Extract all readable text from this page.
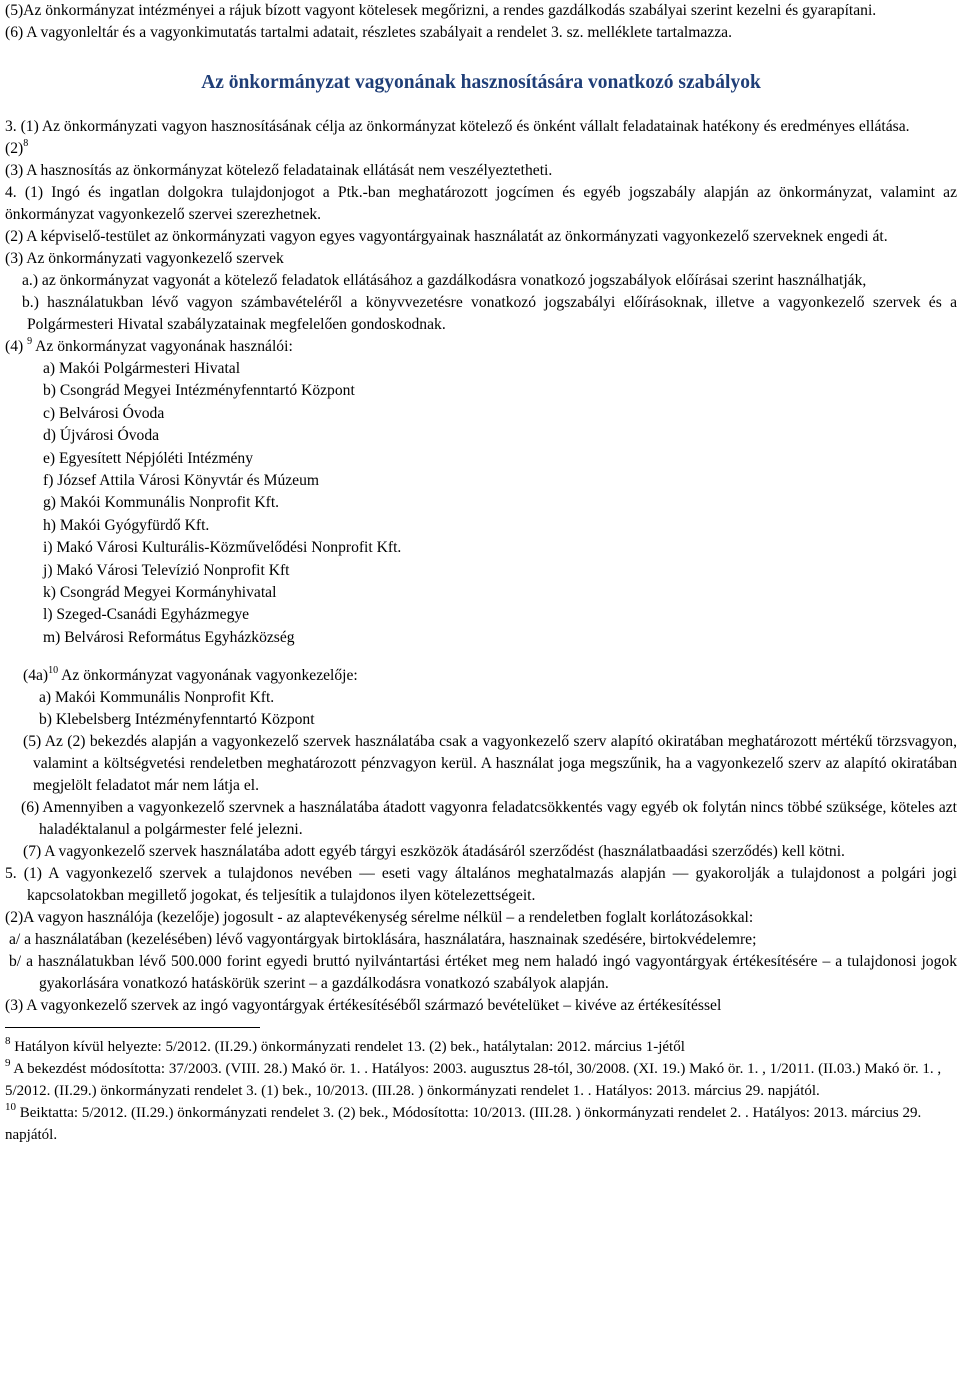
(5)Az önkormányzat intézményei a rájuk bízott vagyont kötelesek megőrizni, a rendes gazdálkodás szabályai szerint kezelni és gyarapítani.

(6) A vagyonleltár és a vagyonkimutatás tartalmi adatait, részletes szabályait a rendelet 3. sz. melléklete tartalmazza.

Az önkormányzat vagyonának hasznosítására vonatkozó szabályok

3. (1) Az önkormányzati vagyon hasznosításának célja az önkormányzat kötelező és önként vállalt feladatainak hatékony és eredményes ellátása.

$(2)^8$

(3) A hasznosítás az önkormányzat kötelező feladatainak ellátását nem veszélyeztetheti.

4. (1) Ingó és ingatlan dolgokra tulajdonjogot a Ptk.-ban meghatározott jogcímen és egyéb jogszabály alapján az önkormányzat, valamint az önkormányzat vagyonkezelő szervei szerezhetnek.

(2) A képviselő-testület az önkormányzati vagyon egyes vagyontárgyainak használatát az önkormányzati vagyonkezelő szerveknek engedi át.

(3) Az önkormányzati vagyonkezelő szervek

a.) az önkormányzat vagyonát a kötelező feladatok ellátásához a gazdálkodásra vonatkozó jogszabályok előírásai szerint használhatják,

b.) használatukban lévő vagyon számbavételéről a könyvvezetésre vonatkozó jogszabályi előírásoknak, illetve a vagyonkezelő szervek és a Polgármesteri Hivatal szabályzatainak megfelelően gondoskodnak.

(4) $^9$ Az önkormányzat vagyonának használói:

a) Makói Polgármesteri Hivatal

b) Csongrád Megyei Intézményfenntartó Központ

c) Belvárosi Óvoda

d) Újvárosi Óvoda

e) Egyesített Népjóléti Intézmény

f) József Attila Városi Könyvtár és Múzeum

g) Makói Kommunális Nonprofit Kft.

h) Makói Gyógyfürdő Kft.

i) Makó Városi Kulturális-Közművelődési Nonprofit Kft.

j) Makó Városi Televízió Nonprofit Kft

k) Csongrád Megyei Kormányhivatal

l) Szeged-Csanádi Egyházmegye

m) Belvárosi Református Egyházközség

$(4a)^{10}$ Az önkormányzat vagyonának vagyonkezelője:

a) Makói Kommunális Nonprofit Kft.

b) Klebelsberg Intézményfenntartó Központ

(5) Az (2) bekezdés alapján a vagyonkezelő szervek használatába csak a vagyonkezelő szerv alapító okiratában meghatározott mértékű törzsvagyon, valamint a költségvetési rendeletben meghatározott pénzvagyon kerül. A használat joga megszűnik, ha a vagyonkezelő szerv az alapító okiratában megjelölt feladatot már nem látja el.

(6) Amennyiben a vagyonkezelő szervnek a használatába átadott vagyonra feladatcsökkentés vagy egyéb ok folytán nincs többé szüksége, köteles azt haladéktalanul a polgármester felé jelezni.

(7) A vagyonkezelő szervek használatába adott egyéb tárgyi eszközök átadásáról szerződést (használatbaadási szerződés) kell kötni.

5. (1) A vagyonkezelő szervek a tulajdonos nevében — eseti vagy általános meghatalmazás alapján — gyakorolják a tulajdonost a polgári jogi kapcsolatokban megillető jogokat, és teljesítik a tulajdonos ilyen kötelezettségeit.

(2)A vagyon használója (kezelője) jogosult - az alaptevékenység sérelme nélkül – a rendeletben foglalt korlátozásokkal:

a/ a használatában (kezelésében) lévő vagyontárgyak birtoklására, használatára, hasznainak szedésére, birtokvédelemre;

b/ a használatukban lévő 500.000 forint egyedi bruttó nyilvántartási értéket meg nem haladó ingó vagyontárgyak értékesítésére – a tulajdonosi jogok gyakorlására vonatkozó hatáskörük szerint – a gazdálkodásra vonatkozó szabályok alapján.

(3) A vagyonkezelő szervek az ingó vagyontárgyak értékesítéséből származó bevételüket – kivéve az értékesítéssel

$^8$ Hatályon kívül helyezte: 5/2012. (II.29.) önkormányzati rendelet 13. (2) bek., hatálytalan: 2012. március 1-jétől

$^9$ A bekezdést módosította: 37/2003. (VIII. 28.) Makó ör. 1. . Hatályos: 2003. augusztus 28-tól, 30/2008. (XI. 19.) Makó ör. 1. , 1/2011. (II.03.) Makó ör. 1. , 5/2012. (II.29.) önkormányzati rendelet 3. (1) bek., 10/2013. (III.28. ) önkormányzati rendelet 1. . Hatályos: 2013. március 29. napjától.

$^{10}$ Beiktatta: 5/2012. (II.29.) önkormányzati rendelet 3. (2) bek., Módosította: 10/2013. (III.28. ) önkormányzati rendelet 2. . Hatályos: 2013. március 29. napjától.
